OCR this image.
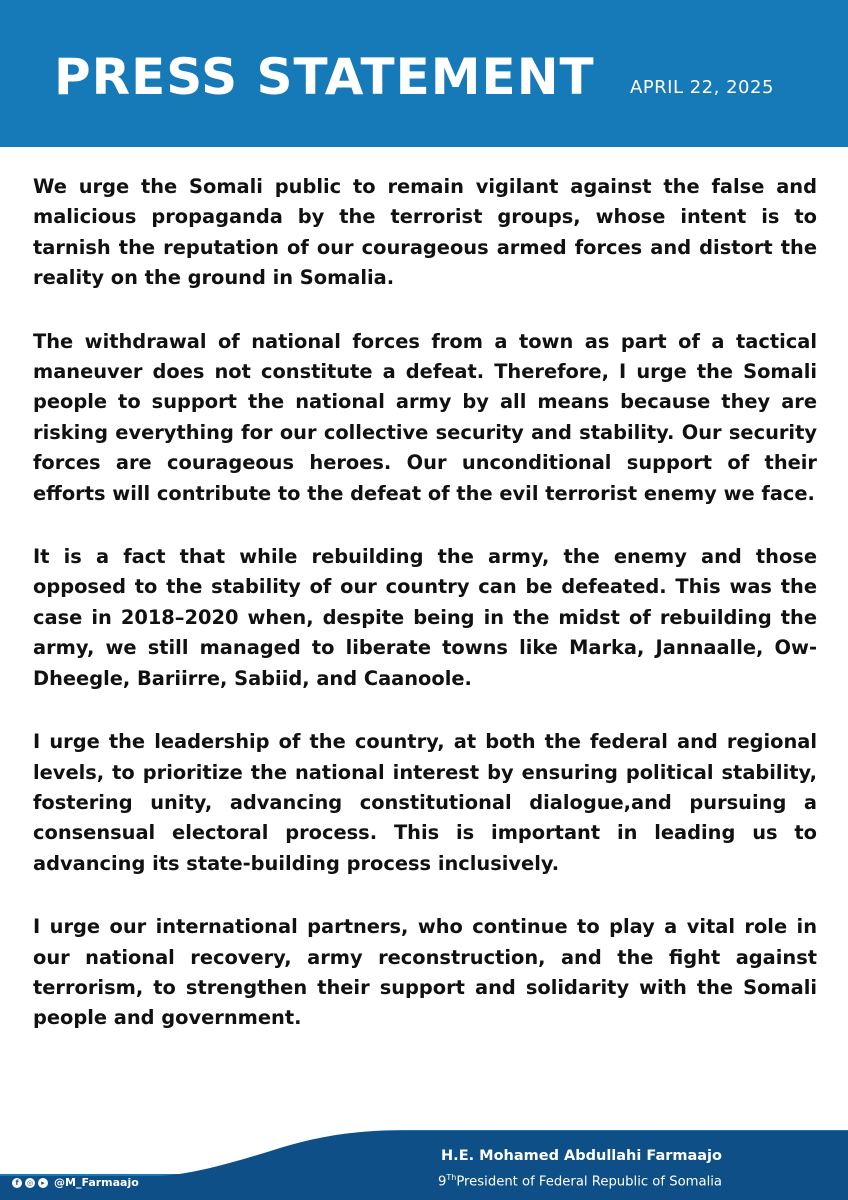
PRESS STATEMENT APRIL 22, 2025

We urge the Somali public to remain vigilant against the false and malicious propaganda by the terrorist groups, whose intent is to tarnish the reputation of our courageous armed forces and distort the reality on the ground in Somalia.

The withdrawal of national forces from a town as part of a tactical maneuver does not constitute a defeat. Therefore, I urge the Somali people to support the national army by all means because they are risking everything for our collective security and stability. Our security forces are courageous heroes. Our unconditional support of their efforts will contribute to the defeat of the evil terrorist enemy we face.

It is a fact that while rebuilding the army, the enemy and those opposed to the stability of our country can be defeated. This was the case in 2018–2020 when, despite being in the midst of rebuilding the army, we still managed to liberate towns like Marka, Jannaalle, Ow-Dheegle, Bariirre, Sabiid, and Caanoole.

I urge the leadership of the country, at both the federal and regional levels, to prioritize the national interest by ensuring political stability, fostering unity, advancing constitutional dialogue,and pursuing a consensual electoral process. This is important in leading us to advancing its state-building process inclusively.

I urge our international partners, who continue to play a vital role in our national recovery, army reconstruction, and the fight against terrorism, to strengthen their support and solidarity with the Somali people and government.

f	◎	▸ @M_Farmaajo
H.E. Mohamed Abdullahi Farmaajo
9ThPresident of Federal Republic of Somalia
